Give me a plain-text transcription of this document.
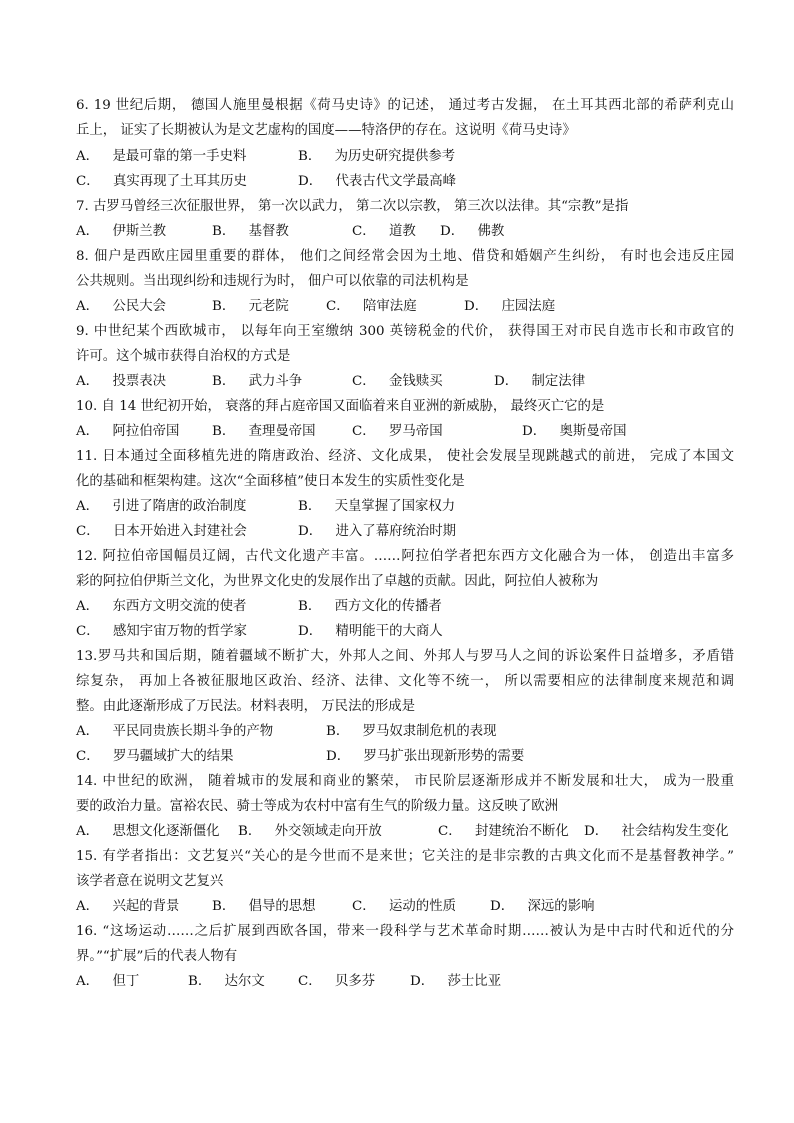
6. 19 世纪后期， 德国人施里曼根据《荷马史诗》的记述， 通过考古发掘， 在土耳其西北部的希萨利克山
丘上， 证实了长期被认为是文艺虚构的国度——特洛伊的存在。这说明《荷马史诗》
A．  是最可靠的第一手史料	B．  为历史研究提供参考
C．  真实再现了土耳其历史	D．  代表古代文学最高峰
7. 古罗马曾经三次征服世界， 第一次以武力， 第二次以宗教， 第三次以法律。其“宗教”是指
A．  伊斯兰教	B．  基督教	C．  道教 D．  佛教
8. 佃户是西欧庄园里重要的群体， 他们之间经常会因为土地、借贷和婚姻产生纠纷， 有时也会违反庄园
公共规则。当出现纠纷和违规行为时， 佃户可以依靠的司法机构是
A．  公民大会	B．  元老院	C．  陪审法庭	D．  庄园法庭
9. 中世纪某个西欧城市， 以每年向王室缴纳 300 英镑税金的代价， 获得国王对市民自选市长和市政官的
许可。这个城市获得自治权的方式是
A．  投票表决	B．  武力斗争	C．  金钱赎买	D．  制定法律
10. 自 14 世纪初开始， 衰落的拜占庭帝国又面临着来自亚洲的新威胁， 最终灭亡它的是
A．  阿拉伯帝国 B．  查理曼帝国	C．  罗马帝国	D．  奥斯曼帝国
11. 日本通过全面移植先进的隋唐政治、经济、文化成果， 使社会发展呈现跳越式的前进， 完成了本国文
化的基础和框架构建。这次“全面移植”使日本发生的实质性变化是
A．  引进了隋唐的政治制度	B．  天皇掌握了国家权力
C．  日本开始进入封建社会	D．  进入了幕府统治时期
12. 阿拉伯帝国幅员辽阔，古代文化遗产丰富。……阿拉伯学者把东西方文化融合为一体， 创造出丰富多
彩的阿拉伯伊斯兰文化，为世界文化史的发展作出了卓越的贡献。因此，阿拉伯人被称为
A．  东西方文明交流的使者	B．  西方文化的传播者
C．  感知宇宙万物的哲学家	D．  精明能干的大商人
13.罗马共和国后期，随着疆域不断扩大，外邦人之间、外邦人与罗马人之间的诉讼案件日益增多，矛盾错
综复杂， 再加上各被征服地区政治、经济、法律、文化等不统一， 所以需要相应的法律制度来规范和调
整。由此逐渐形成了万民法。材料表明， 万民法的形成是
A．  平民同贵族长期斗争的产物	B．  罗马奴隶制危机的表现
C．  罗马疆域扩大的结果	D．  罗马扩张出现新形势的需要
14. 中世纪的欧洲， 随着城市的发展和商业的繁荣， 市民阶层逐渐形成并不断发展和壮大， 成为一股重
要的政治力量。富裕农民、骑士等成为农村中富有生气的阶级力量。这反映了欧洲
A．  思想文化逐渐僵化 B．  外交领域走向开放	C．  封建统治不断化 D．  社会结构发生变化
15. 有学者指出：文艺复兴“关心的是今世而不是来世；它关注的是非宗教的古典文化而不是基督教神学。”
该学者意在说明文艺复兴
A．  兴起的背景 B．  倡导的思想	C．  运动的性质	D．  深远的影响
16. “这场运动……之后扩展到西欧各国，带来一段科学与艺术革命时期……被认为是中古时代和近代的分
界。”“扩展”后的代表人物有
A．  但丁	B．  达尔文 C．  贝多芬	D．  莎士比亚
